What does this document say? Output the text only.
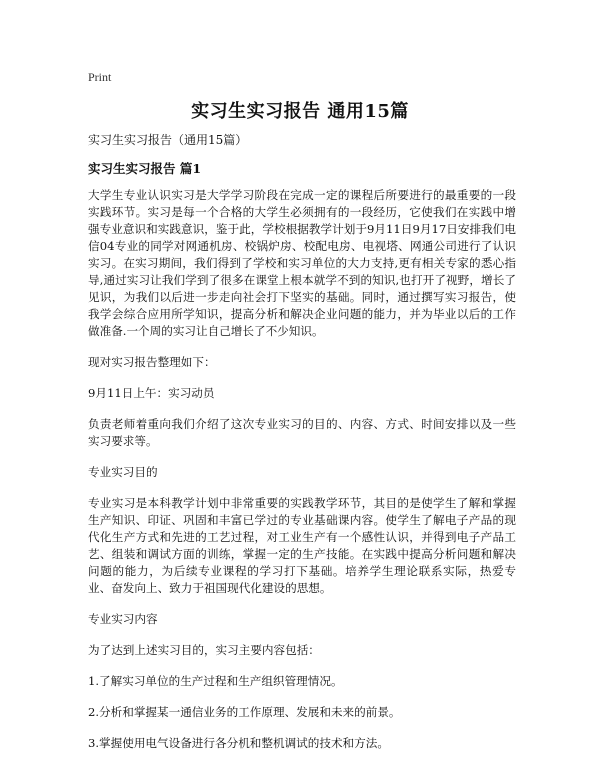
Print
实习生实习报告 通用15篇
实习生实习报告（通用15篇）
实习生实习报告 篇1

大学生专业认识实习是大学学习阶段在完成一定的课程后所要进行的最重要的一段实践环节。实习是每一个合格的大学生必须拥有的一段经历，它使我们在实践中增强专业意识和实践意识，鉴于此，学校根据教学计划于9月11日9月17日安排我们电信04专业的同学对网通机房、校锅炉房、校配电房、电视塔、网通公司进行了认识实习。在实习期间，我们得到了学校和实习单位的大力支持,更有相关专家的悉心指导,通过实习让我们学到了很多在课堂上根本就学不到的知识,也打开了视野，增长了见识，为我们以后进一步走向社会打下坚实的基础。同时，通过撰写实习报告，使我学会综合应用所学知识，提高分析和解决企业问题的能力，并为毕业以后的工作做准备.一个周的实习让自己增长了不少知识。

现对实习报告整理如下：

9月11日上午：实习动员

负责老师着重向我们介绍了这次专业实习的目的、内容、方式、时间安排以及一些实习要求等。

专业实习目的

专业实习是本科教学计划中非常重要的实践教学环节，其目的是使学生了解和掌握生产知识、印证、巩固和丰富已学过的专业基础课内容。使学生了解电子产品的现代化生产方式和先进的工艺过程，对工业生产有一个感性认识，并得到电子产品工艺、组装和调试方面的训练，掌握一定的生产技能。在实践中提高分析问题和解决问题的能力，为后续专业课程的学习打下基础。培养学生理论联系实际，热爱专业、奋发向上、致力于祖国现代化建设的思想。

专业实习内容

为了达到上述实习目的，实习主要内容包括：

1.了解实习单位的生产过程和生产组织管理情况。

2.分析和掌握某一通信业务的工作原理、发展和未来的前景。

3.掌握使用电气设备进行各分机和整机调试的技术和方法。
